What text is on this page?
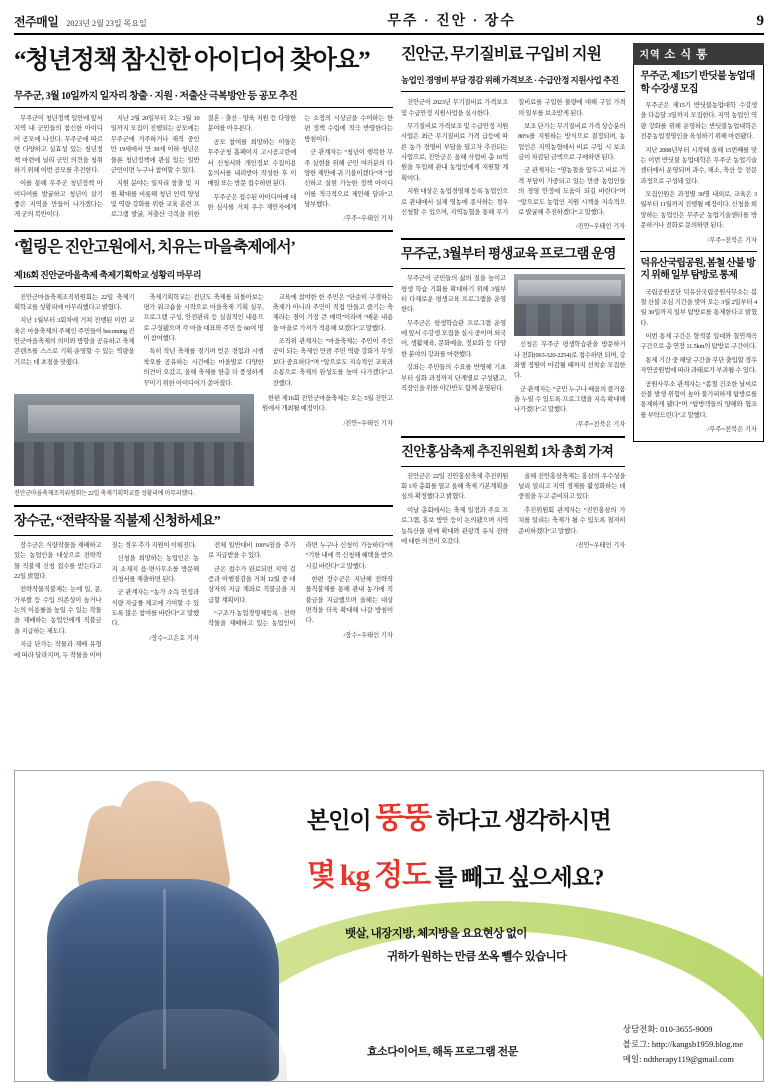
전주매일 2023년 2월 23일 목요일	무주 · 진안 · 장수	9
“청년정책 참신한 아이디어 찾아요”
무주군, 3월 10일까지 일자리 창출 · 지원 · 저출산 극복방안 등 공모 추진

무주군이 청년정책 입안에 앞서 지역 내 군민들의 참신한 아이디어 공모에 나선다. 무주군에 따르면 다양하고 실효성 있는 청년정책 마련에 널리 군민 의견을 청취하기 위해 이번 공모를 추진한다.

이를 통해 무주군 청년정책 아이디어를 발굴하고 청년이 살기 좋은 지역을 만들어 나가겠다는 게 군의 복안이다.

지난 2월 20일부터 오는 3월 10일까지 모집이 진행되는 공모에는 무주군에 거주하거나 재직 중인 만 19세에서 만 39세 이하 청년은 물론 청년정책에 관심 있는 일반 군민이면 누구나 참여할 수 있다.

지원 분야는 일자리 창출 및 지원 확대를 비롯해 청년 인력 양성 및 역량 강화를 위한 교육 훈련 프로그램 발굴, 저출산 극복을 위한 결혼 · 출산 · 양육 지원 등 다양한 분야를 아우른다.

공모 참여를 희망하는 이들은 무주군청 홈페이지 고시공고란에서 신청서와 개인정보 수집이용 동의서를 내려받아 작성한 후 이메일 또는 방문 접수하면 된다.

무주군은 접수된 아이디어에 대한 심사를 거쳐 우수 제안자에게는 소정의 시상금을 수여하는 한편 정책 수립에 적극 반영한다는 방침이다.

군 관계자는 “청년이 행복한 무주 실현을 위해 군민 여러분의 다양한 제안에 귀 기울이겠다”며 “참신하고 실현 가능한 정책 아이디어를 적극적으로 제안해 달라”고 당부했다.

/무주=우태인 기자
‘힐링은 진안고원에서, 치유는 마을축제에서’
제16회 진안군마을축제 축제기획학교 성황리 마무리

진안군마을축제조직위원회는 22일 축제기획학교를 성황리에 마무리했다고 밝혔다.

지난 1월부터 3회차에 거쳐 진행된 이번 교육은 마을축제의 주체인 주민들이 becoming 진안군마을축제의 의미와 방향을 공유하고 축제 콘텐츠를 스스로 기획·운영할 수 있는 역량을 기르는 데 초점을 맞췄다.

축제기획학교는 전년도 축제를 되돌아보는 평가 워크숍을 시작으로 마을축제 기획 실무, 프로그램 구성, 안전관리 등 실질적인 내용으로 구성됐으며 각 마을 대표와 주민 등 60여 명이 참여했다.

특히 작년 축제를 경기며 얻은 경험과 시행착오를 공유하는 시간에는 마을별로 다양한 의견이 오갔고, 올해 축제를 한층 더 풍성하게 꾸미기 위한 아이디어가 쏟아졌다.

교육에 참여한 한 주민은 “단순히 구경하는 축제가 아니라 주민이 직접 만들고 즐기는 축제라는 점이 가장 큰 매력”이라며 “배운 내용을 마을로 가져가 적용해 보겠다”고 말했다.

조직위 관계자는 “마을축제는 주민이 주인공이 되는 축제인 만큼 주민 역량 강화가 무엇보다 중요하다”며 “앞으로도 지속적인 교육과 소통으로 축제의 완성도를 높여 나가겠다”고 전했다.

진안군마을축제조직위원회는 22일 축제기획학교를 성황리에 마무리했다.

한편 제16회 진안군마을축제는 오는 5월 진안고원에서 개최될 예정이다.

/진안=우태인 기자
장수군, “전략작물 직불제 신청하세요”

장수군은 식량작물을 재배하고 있는 농업인을 대상으로 전략작물 직불제 신청 접수를 받는다고 22일 밝혔다.

전략작물직불제는 논에 밀, 콩, 가루쌀 등 수입 의존성이 높거나 논의 이용률을 높일 수 있는 작물을 재배하는 농업인에게 직불금을 지급하는 제도다.

지급 단가는 작물과 재배 유형에 따라 달라지며, 두 작물을 이어짓는 경우 추가 지원이 이뤄진다.

신청을 희망하는 농업인은 농지 소재지 읍·면사무소를 방문해 신청서를 제출하면 된다.

군 관계자는 “농가 소득 안정과 식량 자급률 제고에 기여할 수 있도록 많은 참여를 바란다”고 말했다.

/장수=고은호 기자

전체 일반대비 100%임을 추가로 지급받을 수 있다.

군은 접수가 완료되면 지역 검증과 이행점검을 거쳐 12월 중 대상자의 지급 계좌로 직불금을 지급할 계획이다.

“구조가 농업경영체등록 · 전략작물을 재배하고 있는 농업인이라면 누구나 신청이 가능하다”며 “기한 내에 꼭 신청해 혜택을 받으시길 바란다”고 말했다.

한편 장수군은 지난해 전략작물직불제를 통해 관내 농가에 직불금을 지급했으며 올해는 대상 면적을 더욱 확대해 나갈 방침이다.

/장수=우태인 기자
진안군, 무기질비료 구입비 지원
농업인 경영비 부담 경감 위해 가격보조 · 수급안정 지원사업 추진

진안군이 2023년 무기질비료 가격보조 및 수급안정 지원사업을 실시한다.

무기질비료 가격보조 및 수급안정 지원사업은 최근 무기질비료 가격 급등에 따른 농가 경영비 부담을 덜고자 추진되는 사업으로, 진안군은 올해 사업비 총 16억 원을 투입해 관내 농업인에게 지원할 계획이다.

지원 대상은 농업경영체 등록 농업인으로 관내에서 실제 영농에 종사하는 경우 신청할 수 있으며, 지역농협을 통해 무기질비료를 구입한 물량에 대해 구입 가격의 일부를 보조받게 된다.

보조 단가는 무기질비료 가격 상승분의 80%를 지원하는 방식으로 결정되며, 농업인은 지역농협에서 비료 구입 시 보조금이 차감된 금액으로 구매하면 된다.

군 관계자는 “영농철을 앞두고 비료 가격 부담이 가중되고 있는 만큼 농업인들의 경영 안정에 도움이 되길 바란다”며 “앞으로도 농업인 지원 시책을 지속적으로 발굴해 추진하겠다”고 말했다.

/진안=우태인 기자
무주군, 3월부터 평생교육 프로그램 운영

무주군이 군민들의 삶의 질을 높이고 평생 학습 기회를 확대하기 위해 3월부터 다채로운 평생교육 프로그램을 운영한다.

무주군은 평생학습관 프로그램 운영에 앞서 수강생 모집을 실시 중이며 외국어, 생활체육, 문화예술, 정보화 등 다양한 분야의 강좌를 마련했다.

강좌는 주민들의 수요를 반영해 기초부터 심화 과정까지 단계별로 구성됐고, 직장인을 위한 야간반도 함께 운영된다.

신청은 무주군 평생학습관을 방문하거나 전화(063-320-2254)로 접수하면 되며, 강좌별 정원이 마감될 때까지 선착순 모집한다.

군 관계자는 “군민 누구나 배움의 즐거움을 누릴 수 있도록 프로그램을 지속 확대해 나가겠다”고 말했다.

/무주=전북은 기자
진안홍삼축제 추진위원회 1차 총회 가져

진안군은 22일 진안홍삼축제 추진위원회 1차 총회를 열고 올해 축제 기본계획을 심의·확정했다고 밝혔다.

이날 총회에서는 축제 일정과 주요 프로그램, 홍보 방안 등이 논의됐으며 지역 농특산물 판매 확대와 관광객 유치 전략에 대한 의견이 오갔다.

올해 진안홍삼축제는 홍삼의 우수성을 널리 알리고 지역 경제를 활성화하는 데 중점을 두고 준비되고 있다.

추진위원회 관계자는 “진안홍삼의 가치를 알리는 축제가 될 수 있도록 철저히 준비하겠다”고 말했다.

/진안=우태인 기자
지역 소 식 통
무주군, 제15기 반딧불 농업대학 수강생 모집

무주군은 제15기 반딧불농업대학 수강생을 다음달 3일까지 모집한다. 지역 농업인 역량 강화를 위해 운영하는 반딧불농업대학은 전문농업경영인을 육성하기 위해 마련됐다.

지난 2008년부터 시작해 올해 15번째를 맞는 이번 반딧불 농업대학은 무주군 농업기술센터에서 운영되며 과수, 채소, 축산 등 전문 과정으로 구성돼 있다.

모집인원은 과정별 30명 내외로, 교육은 3월부터 11월까지 진행될 예정이다. 신청을 희망하는 농업인은 무주군 농업기술센터를 방문하거나 전화로 문의하면 된다.

/무주=전북은 기자
덕유산국립공원, 봄철 산불 방지 위해 일부 탐방로 통제

국립공원공단 덕유산국립공원사무소는 봄철 산불 조심 기간을 맞아 오는 3월 2일부터 4월 30일까지 일부 탐방로를 통제한다고 밝혔다.

이번 통제 구간은 향적봉 일대와 칠연계곡 구간으로 총 연장 11.5km의 탐방로 구간이다.

통제 기간 중 해당 구간을 무단 출입할 경우 자연공원법에 따라 과태료가 부과될 수 있다.

공원사무소 관계자는 “봄철 건조한 날씨로 산불 발생 위험이 높아 불가피하게 탐방로를 통제하게 됐다”며 “탐방객들의 양해와 협조를 부탁드린다”고 말했다.

/무주=전북은 기자
본인이 뚱뚱 하다고 생각하시면
몇 kg 정도 를 빼고 싶으세요?
뱃살, 내장지방, 체지방을 요요현상 없이
귀하가 원하는 만큼 쏘옥 뺄수 있습니다
효소다이어트, 해독 프로그램 전문
상담전화: 010-3655-9009
블로그: http://kangsb1959.blog.me
메일: ndtherapy119@gmail.com
